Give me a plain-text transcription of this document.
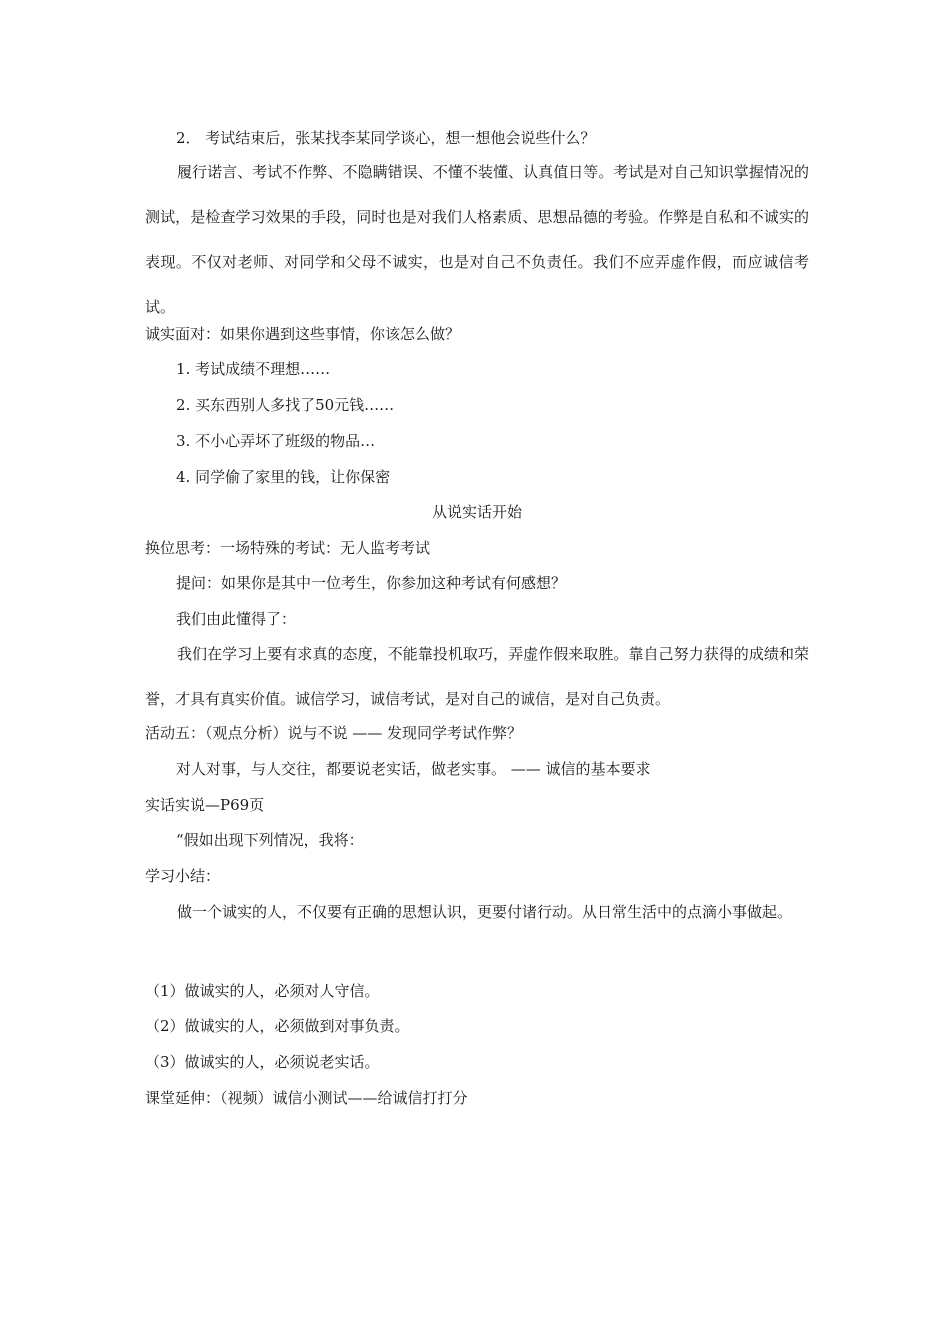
2． 考试结束后，张某找李某同学谈心，想一想他会说些什么？
履行诺言、考试不作弊、不隐瞒错误、不懂不装懂、认真值日等。考试是对自己知识掌握情况的测试，是检查学习效果的手段，同时也是对我们人格素质、思想品德的考验。作弊是自私和不诚实的表现。不仅对老师、对同学和父母不诚实，也是对自己不负责任。我们不应弄虚作假，而应诚信考试。
诚实面对：如果你遇到这些事情，你该怎么做？
1. 考试成绩不理想……
2. 买东西别人多找了50元钱……
3. 不小心弄坏了班级的物品…
4. 同学偷了家里的钱，让你保密
从说实话开始
换位思考：一场特殊的考试：无人监考考试
提问：如果你是其中一位考生，你参加这种考试有何感想？
我们由此懂得了：
我们在学习上要有求真的态度，不能靠投机取巧，弄虚作假来取胜。靠自己努力获得的成绩和荣誉，才具有真实价值。诚信学习，诚信考试，是对自己的诚信，是对自己负责。
活动五：（观点分析）说与不说 —— 发现同学考试作弊？
对人对事，与人交往，都要说老实话，做老实事。 —— 诚信的基本要求
实话实说—P69页
“假如出现下列情况，我将：
学习小结：
做一个诚实的人，不仅要有正确的思想认识，更要付诸行动。从日常生活中的点滴小事做起。
（1）做诚实的人，必须对人守信。
（2）做诚实的人，必须做到对事负责。
（3）做诚实的人，必须说老实话。
课堂延伸：（视频）诚信小测试——给诚信打打分
